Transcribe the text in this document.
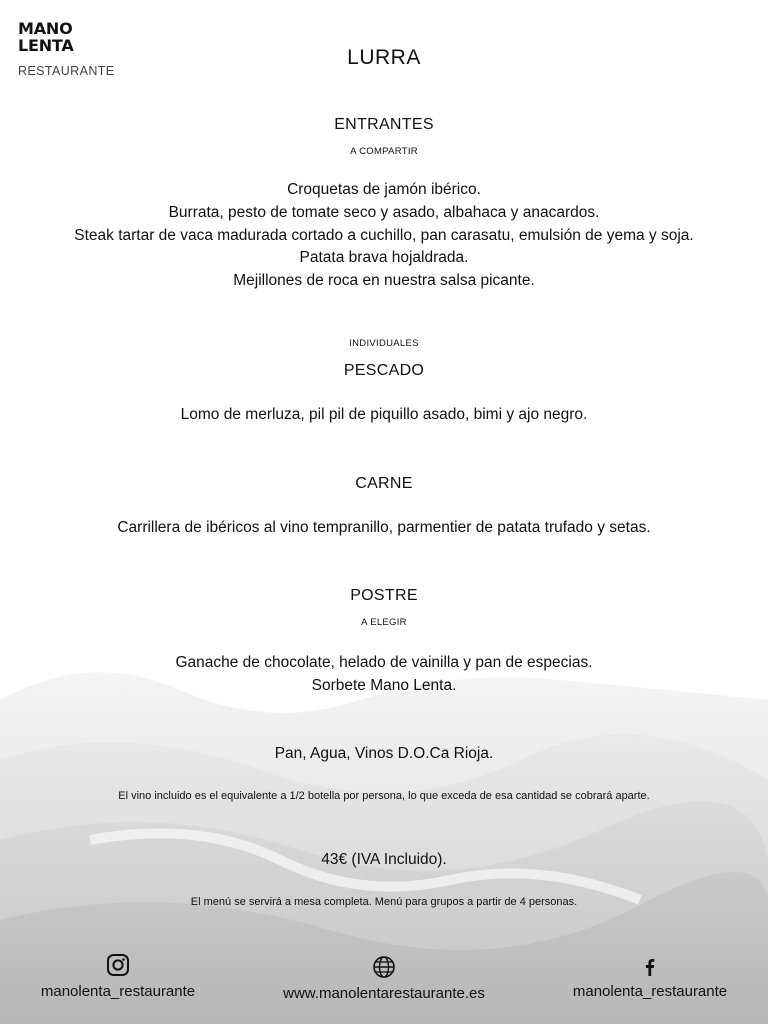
MANO
LENTA
RESTAURANTE
LURRA
ENTRANTES
A COMPARTIR
Croquetas de jamón ibérico.
Burrata, pesto de tomate seco y asado, albahaca y anacardos.
Steak tartar de vaca madurada cortado a cuchillo, pan carasatu, emulsión de yema y soja.
Patata brava hojaldrada.
Mejillones de roca en nuestra salsa picante.
INDIVIDUALES
PESCADO
Lomo de merluza, pil pil de piquillo asado, bimi y ajo negro.
CARNE
Carrillera de ibéricos al vino tempranillo, parmentier de patata trufado y setas.
POSTRE
A ELEGIR
Ganache de chocolate, helado de vainilla y pan de especias.
Sorbete Mano Lenta.
Pan, Agua, Vinos D.O.Ca Rioja.
El vino incluido es el equivalente a 1/2 botella por persona, lo que exceda de esa cantidad se cobrará aparte.
43€ (IVA Incluido).
El menú se servirá a mesa completa. Menú para grupos a partir de 4 personas.
manolenta_restaurante	www.manolentarestaurante.es	manolenta_restaurante
